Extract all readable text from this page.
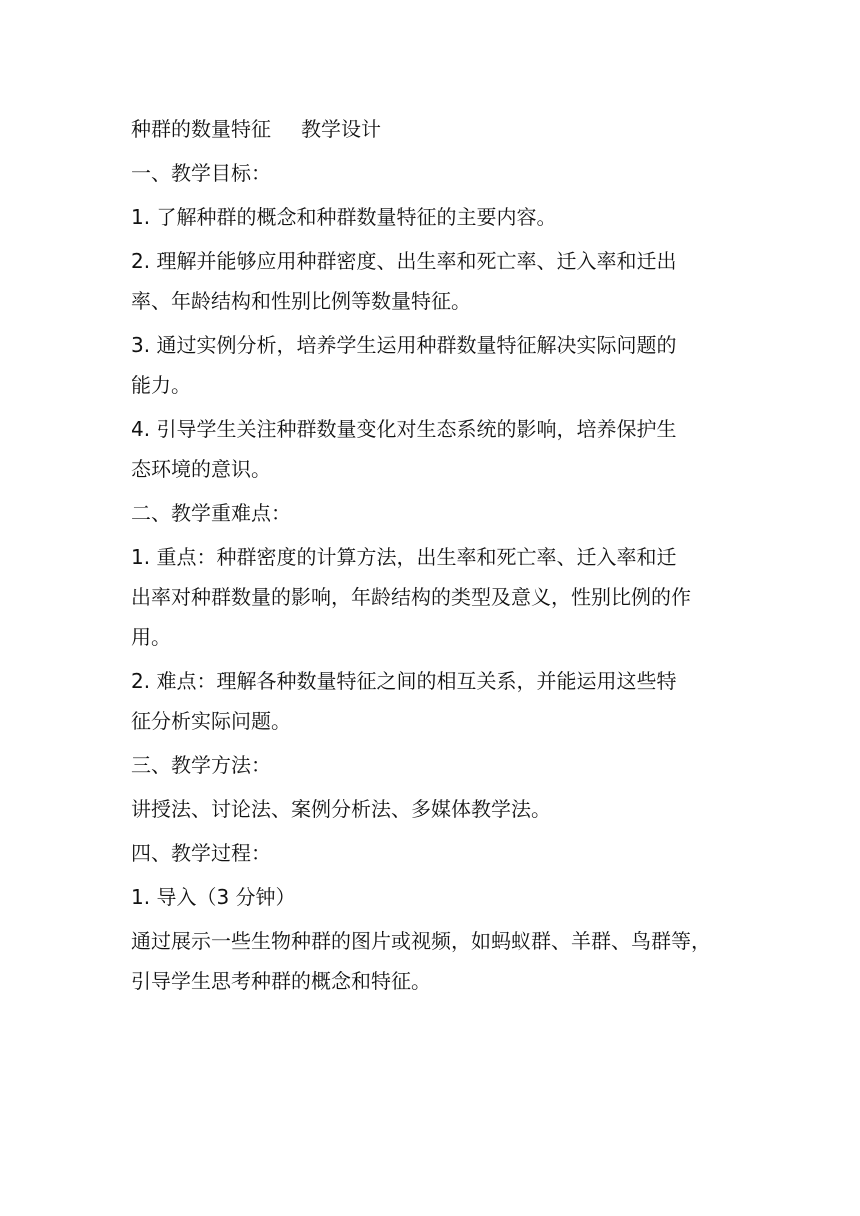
种群的数量特征 教学设计
一、教学目标：
1. 了解种群的概念和种群数量特征的主要内容。
2. 理解并能够应用种群密度、出生率和死亡率、迁入率和迁出
率、年龄结构和性别比例等数量特征。
3. 通过实例分析，培养学生运用种群数量特征解决实际问题的
能力。
4. 引导学生关注种群数量变化对生态系统的影响，培养保护生
态环境的意识。
二、教学重难点：
1. 重点：种群密度的计算方法，出生率和死亡率、迁入率和迁
出率对种群数量的影响，年龄结构的类型及意义，性别比例的作
用。
2. 难点：理解各种数量特征之间的相互关系，并能运用这些特
征分析实际问题。
三、教学方法：
讲授法、讨论法、案例分析法、多媒体教学法。
四、教学过程：
1. 导入（3 分钟）
通过展示一些生物种群的图片或视频，如蚂蚁群、羊群、鸟群等，
引导学生思考种群的概念和特征。
